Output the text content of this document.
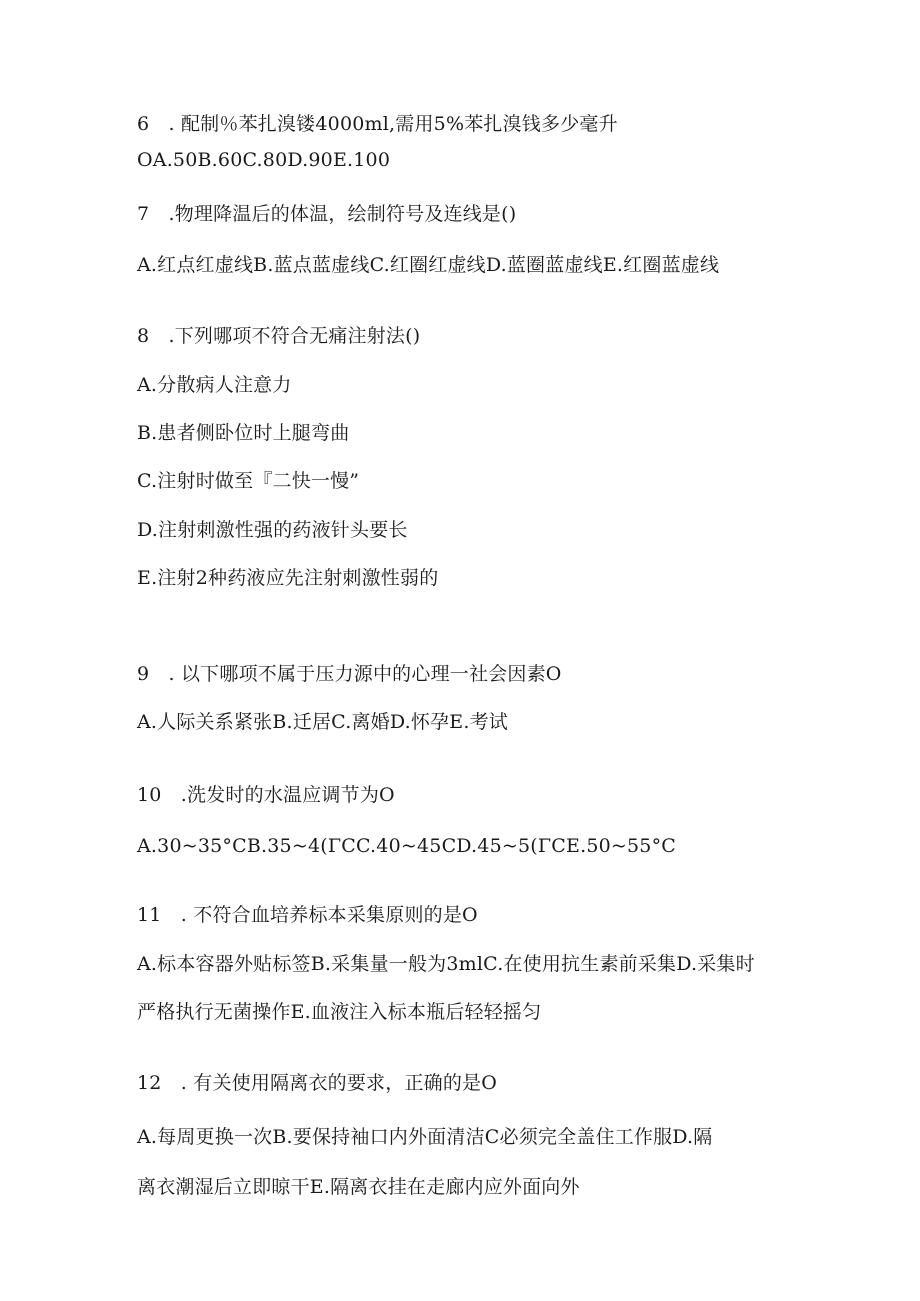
6　. 配制％苯扎溴镂4000ml,需用5%苯扎溴钱多少毫升
OA.50B.60C.80D.90E.100
7　.物理降温后的体温，绘制符号及连线是()
A.红点红虚线B.蓝点蓝虚线C.红圈红虚线D.蓝圈蓝虚线E.红圈蓝虚线
8　.下列哪项不符合无痛注射法()
A.分散病人注意力
B.患者侧卧位时上腿弯曲
C.注射时做至『二快一慢”
D.注射刺激性强的药液针头要长
E.注射2种药液应先注射刺激性弱的
9　. 以下哪项不属于压力源中的心理一社会因素O
A.人际关系紧张B.迁居C.离婚D.怀孕E.考试
10　.洗发时的水温应调节为O
A.30~35°CB.35~4(ΓCC.40~45CD.45~5(ΓCE.50~55°C
11　. 不符合血培养标本采集原则的是O
A.标本容器外贴标签B.采集量一般为3mlC.在使用抗生素前采集D.采集时
严格执行无菌操作E.血液注入标本瓶后轻轻摇匀
12　. 有关使用隔离衣的要求，正确的是O
A.每周更换一次B.要保持袖口内外面清洁C必须完全盖住工作服D.隔
离衣潮湿后立即晾干E.隔离衣挂在走廊内应外面向外
